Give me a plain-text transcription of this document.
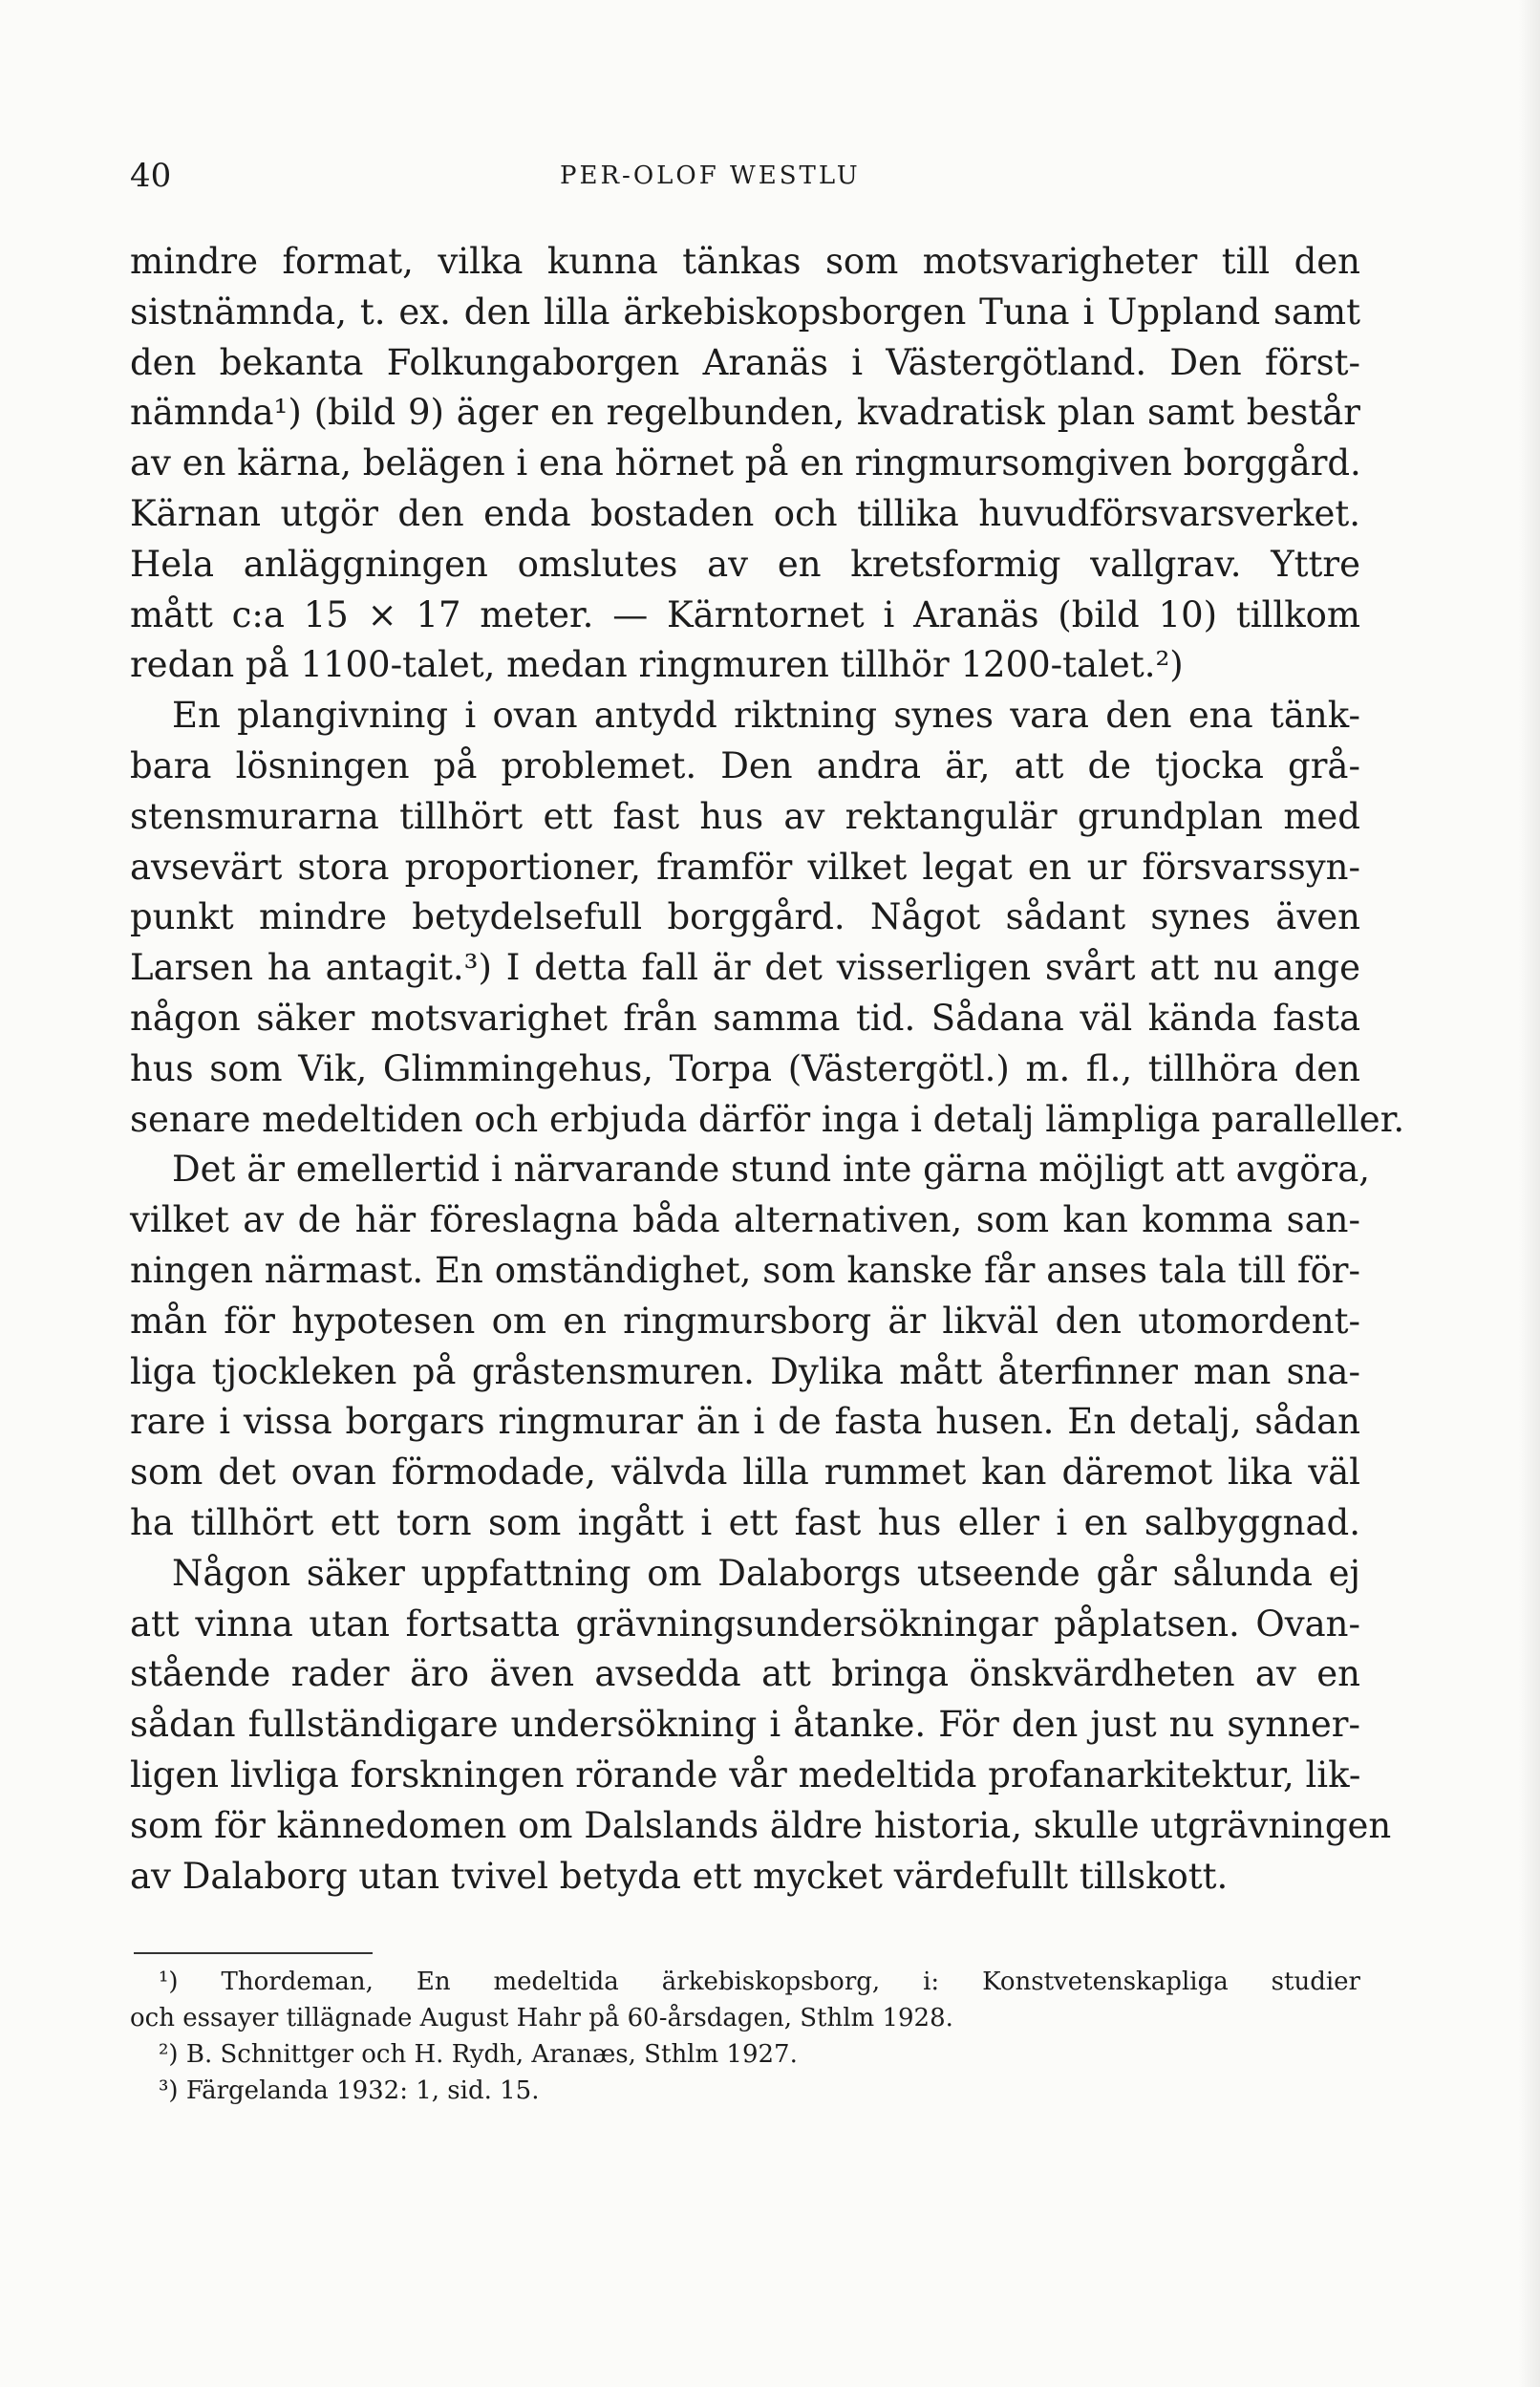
40	PER-OLOF WESTLU
mindre format, vilka kunna tänkas som motsvarigheter till den
sistnämnda, t. ex. den lilla ärkebiskopsborgen Tuna i Uppland samt
den bekanta Folkungaborgen Aranäs i Västergötland. Den först-
nämnda¹) (bild 9) äger en regelbunden, kvadratisk plan samt består
av en kärna, belägen i ena hörnet på en ringmursomgiven borggård.
Kärnan utgör den enda bostaden och tillika huvudförsvarsverket.
Hela anläggningen omslutes av en kretsformig vallgrav. Yttre
mått c:a 15 × 17 meter. — Kärntornet i Aranäs (bild 10) tillkom
redan på 1100-talet, medan ringmuren tillhör 1200-talet.²)
En plangivning i ovan antydd riktning synes vara den ena tänk-
bara lösningen på problemet. Den andra är, att de tjocka grå-
stensmurarna tillhört ett fast hus av rektangulär grundplan med
avsevärt stora proportioner, framför vilket legat en ur försvarssyn-
punkt mindre betydelsefull borggård. Något sådant synes även
Larsen ha antagit.³) I detta fall är det visserligen svårt att nu ange
någon säker motsvarighet från samma tid. Sådana väl kända fasta
hus som Vik, Glimmingehus, Torpa (Västergötl.) m. fl., tillhöra den
senare medeltiden och erbjuda därför inga i detalj lämpliga paralleller.
Det är emellertid i närvarande stund inte gärna möjligt att avgöra,
vilket av de här föreslagna båda alternativen, som kan komma san-
ningen närmast. En omständighet, som kanske får anses tala till för-
mån för hypotesen om en ringmursborg är likväl den utomordent-
liga tjockleken på gråstensmuren. Dylika mått återfinner man sna-
rare i vissa borgars ringmurar än i de fasta husen. En detalj, sådan
som det ovan förmodade, välvda lilla rummet kan däremot lika väl
ha tillhört ett torn som ingått i ett fast hus eller i en salbyggnad.
Någon säker uppfattning om Dalaborgs utseende går sålunda ej
att vinna utan fortsatta grävningsundersökningar påplatsen. Ovan-
stående rader äro även avsedda att bringa önskvärdheten av en
sådan fullständigare undersökning i åtanke. För den just nu synner-
ligen livliga forskningen rörande vår medeltida profanarkitektur, lik-
som för kännedomen om Dalslands äldre historia, skulle utgrävningen
av Dalaborg utan tvivel betyda ett mycket värdefullt tillskott.
¹) Thordeman, En medeltida ärkebiskopsborg, i: Konstvetenskapliga studier
och essayer tillägnade August Hahr på 60-årsdagen, Sthlm 1928.
²) B. Schnittger och H. Rydh, Aranæs, Sthlm 1927.
³) Färgelanda 1932: 1, sid. 15.
